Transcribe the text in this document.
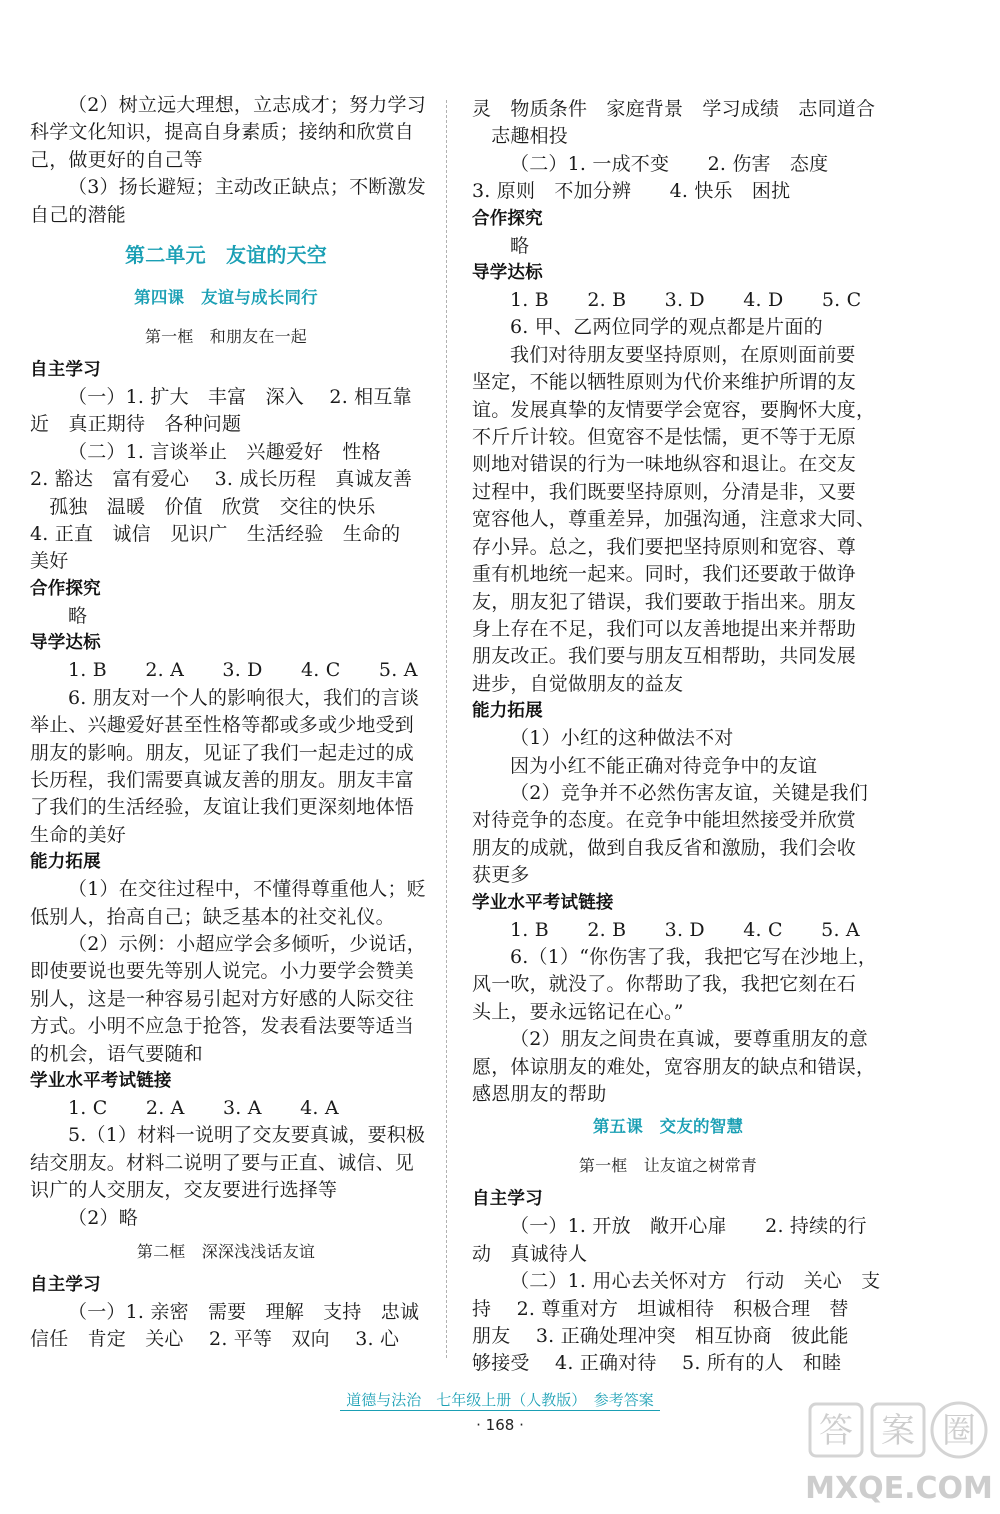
（2）树立远大理想，立志成才；努力学习
科学文化知识，提高自身素质；接纳和欣赏自
己，做更好的自己等
（3）扬长避短；主动改正缺点；不断激发
自己的潜能
第二单元　友谊的天空
第四课　友谊与成长同行
第一框　和朋友在一起
自主学习
（一）1. 扩大　丰富　深入　 2. 相互靠
近　真正期待　各种问题
（二）1. 言谈举止　兴趣爱好　性格
2. 豁达　富有爱心　 3. 成长历程　真诚友善
　孤独　温暖　价值　欣赏　交往的快乐
4. 正直　诚信　见识广　生活经验　生命的
美好
合作探究
略
导学达标
1. B　　2. A　　3. D　　4. C　　5. A
6. 朋友对一个人的影响很大，我们的言谈
举止、兴趣爱好甚至性格等都或多或少地受到
朋友的影响。朋友，见证了我们一起走过的成
长历程，我们需要真诚友善的朋友。朋友丰富
了我们的生活经验，友谊让我们更深刻地体悟
生命的美好
能力拓展
（1）在交往过程中，不懂得尊重他人；贬
低别人，抬高自己；缺乏基本的社交礼仪。
（2）示例：小超应学会多倾听，少说话，
即使要说也要先等别人说完。小力要学会赞美
别人，这是一种容易引起对方好感的人际交往
方式。小明不应急于抢答，发表看法要等适当
的机会，语气要随和
学业水平考试链接
1. C　　2. A　　3. A　　4. A
5.（1）材料一说明了交友要真诚，要积极
结交朋友。材料二说明了要与正直、诚信、见
识广的人交朋友，交友要进行选择等
（2）略
第二框　深深浅浅话友谊
自主学习
（一）1. 亲密　需要　理解　支持　忠诚
信任　肯定　关心　 2. 平等　双向　 3. 心
灵　物质条件　家庭背景　学习成绩　志同道合
　志趣相投
（二）1. 一成不变　　2. 伤害　态度
3. 原则　不加分辨　　4. 快乐　困扰
合作探究
略
导学达标
1. B　　2. B　　3. D　　4. D　　5. C
6. 甲、乙两位同学的观点都是片面的
我们对待朋友要坚持原则，在原则面前要
坚定，不能以牺牲原则为代价来维护所谓的友
谊。发展真挚的友情要学会宽容，要胸怀大度，
不斤斤计较。但宽容不是怯懦，更不等于无原
则地对错误的行为一味地纵容和退让。在交友
过程中，我们既要坚持原则，分清是非，又要
宽容他人，尊重差异，加强沟通，注意求大同、
存小异。总之，我们要把坚持原则和宽容、尊
重有机地统一起来。同时，我们还要敢于做诤
友，朋友犯了错误，我们要敢于指出来。朋友
身上存在不足，我们可以友善地提出来并帮助
朋友改正。我们要与朋友互相帮助，共同发展
进步，自觉做朋友的益友
能力拓展
（1）小红的这种做法不对
因为小红不能正确对待竞争中的友谊
（2）竞争并不必然伤害友谊，关键是我们
对待竞争的态度。在竞争中能坦然接受并欣赏
朋友的成就，做到自我反省和激励，我们会收
获更多
学业水平考试链接
1. B　　2. B　　3. D　　4. C　　5. A
6.（1）“你伤害了我，我把它写在沙地上，
风一吹，就没了。你帮助了我，我把它刻在石
头上，要永远铭记在心。”
（2）朋友之间贵在真诚，要尊重朋友的意
愿，体谅朋友的难处，宽容朋友的缺点和错误，
感恩朋友的帮助
第五课　交友的智慧
第一框　让友谊之树常青
自主学习
（一）1. 开放　敞开心扉　　2. 持续的行
动　真诚待人
（二）1. 用心去关怀对方　行动　关心　支
持　 2. 尊重对方　坦诚相待　积极合理　替
朋友　 3. 正确处理冲突　相互协商　彼此能
够接受　 4. 正确对待　 5. 所有的人　和睦
道德与法治　七年级上册（人教版）　参考答案
· 168 ·	答 案 圈
MXQE.COM
